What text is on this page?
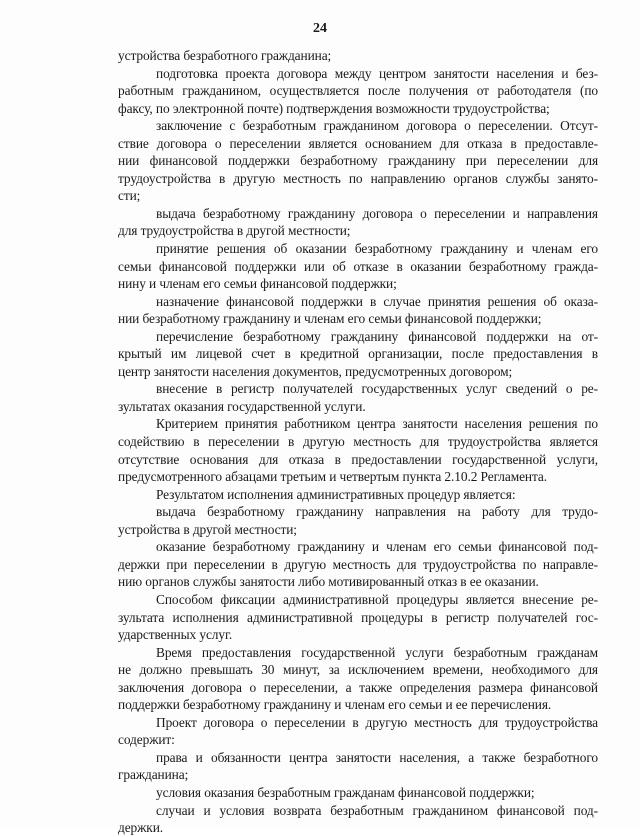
24
устройства безработного гражданина;
подготовка проекта договора между центром занятости населения и без-
работным гражданином, осуществляется после получения от работодателя (по
факсу, по электронной почте) подтверждения возможности трудоустройства;
заключение с безработным гражданином договора о переселении. Отсут-
ствие договора о переселении является основанием для отказа в предоставле-
нии финансовой поддержки безработному гражданину при переселении для
трудоустройства в другую местность по направлению органов службы занято-
сти;
выдача безработному гражданину договора о переселении и направления
для трудоустройства в другой местности;
принятие решения об оказании безработному гражданину и членам его
семьи финансовой поддержки или об отказе в оказании безработному гражда-
нину и членам его семьи финансовой поддержки;
назначение финансовой поддержки в случае принятия решения об оказа-
нии безработному гражданину и членам его семьи финансовой поддержки;
перечисление безработному гражданину финансовой поддержки на от-
крытый им лицевой счет в кредитной организации, после предоставления в
центр занятости населения документов, предусмотренных договором;
внесение в регистр получателей государственных услуг сведений о ре-
зультатах оказания государственной услуги.
Критерием принятия работником центра занятости населения решения по
содействию в переселении в другую местность для трудоустройства является
отсутствие основания для отказа в предоставлении государственной услуги,
предусмотренного абзацами третьим и четвертым пункта 2.10.2 Регламента.
Результатом исполнения административных процедур является:
выдача безработному гражданину направления на работу для трудо-
устройства в другой местности;
оказание безработному гражданину и членам его семьи финансовой под-
держки при переселении в другую местность для трудоустройства по направле-
нию органов службы занятости либо мотивированный отказ в ее оказании.
Способом фиксации административной процедуры является внесение ре-
зультата исполнения административной процедуры в регистр получателей гос-
ударственных услуг.
Время предоставления государственной услуги безработным гражданам
не должно превышать 30 минут, за исключением времени, необходимого для
заключения договора о переселении, а также определения размера финансовой
поддержки безработному гражданину и членам его семьи и ее перечисления.
Проект договора о переселении в другую местность для трудоустройства
содержит:
права и обязанности центра занятости населения, а также безработного
гражданина;
условия оказания безработным гражданам финансовой поддержки;
случаи и условия возврата безработным гражданином финансовой под-
держки.
